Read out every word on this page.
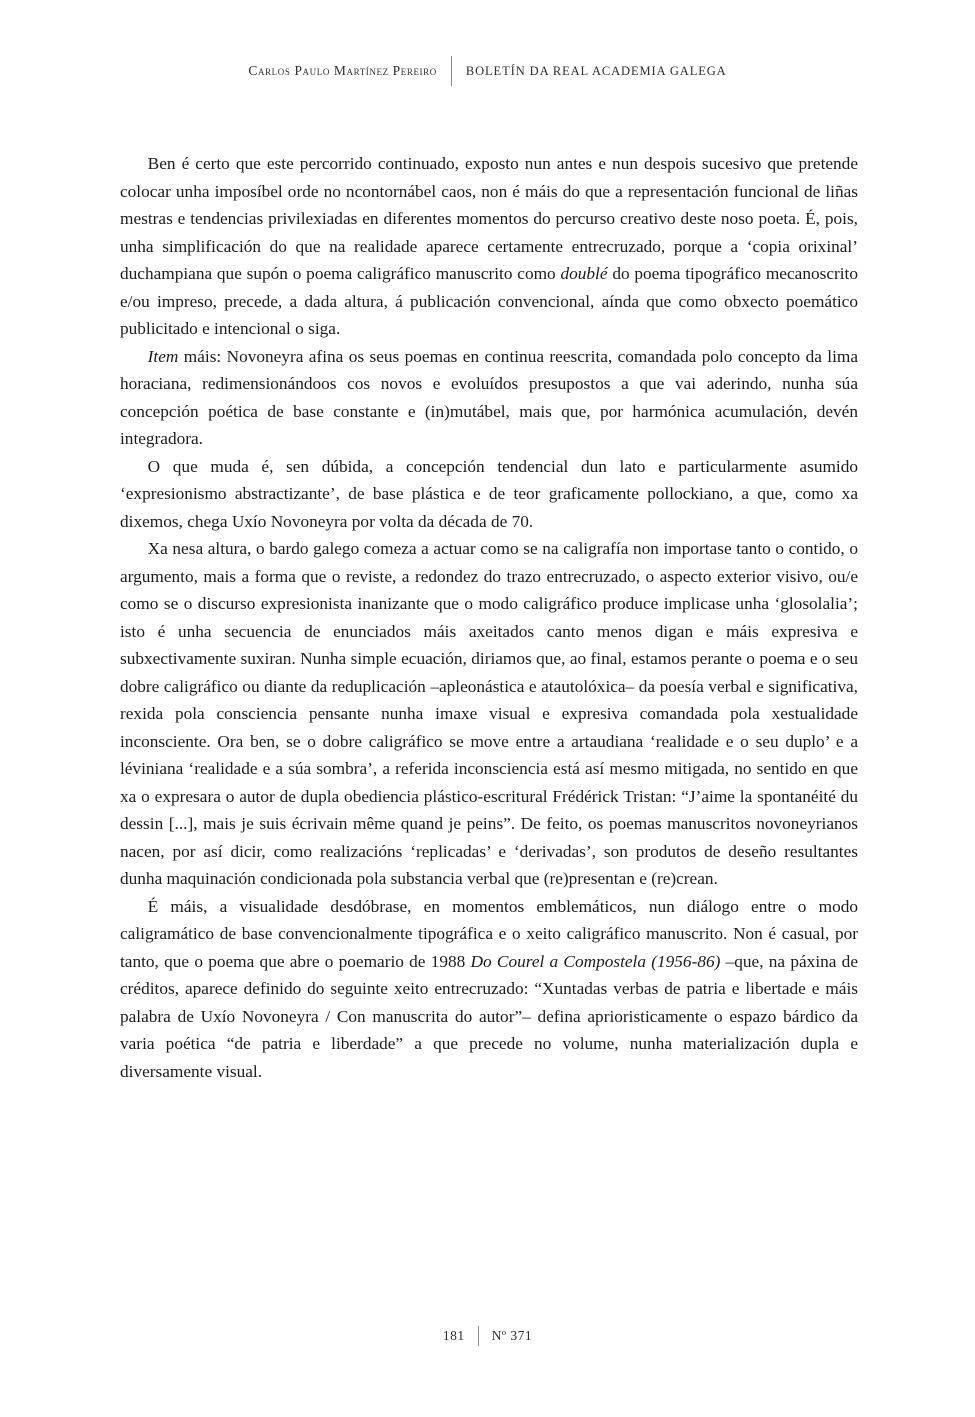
Carlos Paulo Martínez Pereiro	BOLETÍN DA REAL ACADEMIA GALEGA

Ben é certo que este percorrido continuado, exposto nun antes e nun despois sucesivo que pretende colocar unha imposíbel orde no ncontornábel caos, non é máis do que a representación funcional de liñas mestras e tendencias privilexiadas en diferentes momentos do percurso creativo deste noso poeta. É, pois, unha simplificación do que na realidade aparece certamente entrecruzado, porque a ‘copia orixinal’ duchampiana que supón o poema caligráfico manuscrito como doublé do poema tipográfico mecanoscrito e/ou impreso, precede, a dada altura, á publicación convencional, aínda que como obxecto poemático publicitado e intencional o siga.

Item máis: Novoneyra afina os seus poemas en continua reescrita, comandada polo concepto da lima horaciana, redimensionándoos cos novos e evoluídos presupostos a que vai aderindo, nunha súa concepción poética de base constante e (in)mutábel, mais que, por harmónica acumulación, devén integradora.

O que muda é, sen dúbida, a concepción tendencial dun lato e particularmente asumido ‘expresionismo abstractizante’, de base plástica e de teor graficamente pollockiano, a que, como xa dixemos, chega Uxío Novoneyra por volta da década de 70.

Xa nesa altura, o bardo galego comeza a actuar como se na caligrafía non importase tanto o contido, o argumento, mais a forma que o reviste, a redondez do trazo entrecruzado, o aspecto exterior visivo, ou/e como se o discurso expresionista inanizante que o modo caligráfico produce implicase unha ‘glosolalia’; isto é unha secuencia de enunciados máis axeitados canto menos digan e máis expresiva e subxectivamente suxiran. Nunha simple ecuación, diriamos que, ao final, estamos perante o poema e o seu dobre caligráfico ou diante da reduplicación –apleonástica e atautolóxica– da poesía verbal e significativa, rexida pola consciencia pensante nunha imaxe visual e expresiva comandada pola xestualidade inconsciente. Ora ben, se o dobre caligráfico se move entre a artaudiana ‘realidade e o seu duplo’ e a léviniana ‘realidade e a súa sombra’, a referida inconsciencia está así mesmo mitigada, no sentido en que xa o expresara o autor de dupla obediencia plástico-escritural Frédérick Tristan: “J’aime la spontanéité du dessin [...], mais je suis écrivain même quand je peins”. De feito, os poemas manuscritos novoneyrianos nacen, por así dicir, como realizacións ‘replicadas’ e ‘derivadas’, son produtos de deseño resultantes dunha maquinación condicionada pola substancia verbal que (re)presentan e (re)crean.

É máis, a visualidade desdóbrase, en momentos emblemáticos, nun diálogo entre o modo caligramático de base convencionalmente tipográfica e o xeito caligráfico manuscrito. Non é casual, por tanto, que o poema que abre o poemario de 1988 Do Courel a Compostela (1956-86) –que, na páxina de créditos, aparece definido do seguinte xeito entrecruzado: “Xuntadas verbas de patria e libertade e máis palabra de Uxío Novoneyra / Con manuscrita do autor”– defina aprioristicamente o espazo bárdico da varia poética “de patria e liberdade” a que precede no volume, nunha materialización dupla e diversamente visual.

181	Nº 371
